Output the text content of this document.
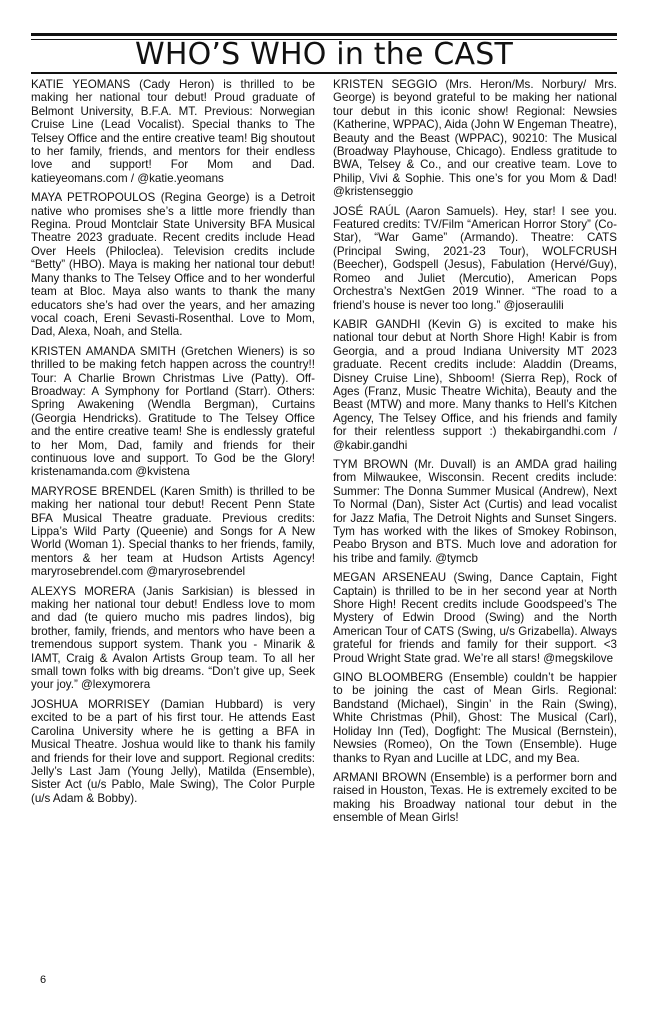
WHO’S WHO in the CAST

KATIE YEOMANS (Cady Heron) is thrilled to be making her national tour debut! Proud graduate of Belmont University, B.F.A. MT. Previous: Norwegian Cruise Line (Lead Vocalist). Special thanks to The Telsey Office and the entire creative team! Big shoutout to her family, friends, and mentors for their endless love and support! For Mom and Dad. katieyeomans.com / @katie.yeomans

MAYA PETROPOULOS (Regina George) is a Detroit native who promises she’s a little more friendly than Regina. Proud Montclair State University BFA Musical Theatre 2023 graduate. Recent credits include Head Over Heels (Philoclea). Television credits include “Betty” (HBO). Maya is making her national tour debut! Many thanks to The Telsey Office and to her wonderful team at Bloc. Maya also wants to thank the many educators she’s had over the years, and her amazing vocal coach, Ereni Sevasti-Rosenthal. Love to Mom, Dad, Alexa, Noah, and Stella.

KRISTEN AMANDA SMITH (Gretchen Wieners) is so thrilled to be making fetch happen across the country!! Tour: A Charlie Brown Christmas Live (Patty). Off-Broadway: A Symphony for Portland (Starr). Others: Spring Awakening (Wendla Bergman), Curtains (Georgia Hendricks). Gratitude to The Telsey Office and the entire creative team! She is endlessly grateful to her Mom, Dad, family and friends for their continuous love and support. To God be the Glory! kristenamanda.com @kvistena

MARYROSE BRENDEL (Karen Smith) is thrilled to be making her national tour debut! Recent Penn State BFA Musical Theatre graduate. Previous credits: Lippa’s Wild Party (Queenie) and Songs for A New World (Woman 1). Special thanks to her friends, family, mentors & her team at Hudson Artists Agency! maryrosebrendel.com @maryrosebrendel

ALEXYS MORERA (Janis Sarkisian) is blessed in making her national tour debut! Endless love to mom and dad (te quiero mucho mis padres lindos), big brother, family, friends, and mentors who have been a tremendous support system. Thank you - Minarik & IAMT, Craig & Avalon Artists Group team. To all her small town folks with big dreams. “Don’t give up, Seek your joy.” @lexymorera

JOSHUA MORRISEY (Damian Hubbard) is very excited to be a part of his first tour. He attends East Carolina University where he is getting a BFA in Musical Theatre. Joshua would like to thank his family and friends for their love and support. Regional credits: Jelly’s Last Jam (Young Jelly), Matilda (Ensemble), Sister Act (u/s Pablo, Male Swing), The Color Purple (u/s Adam & Bobby).

KRISTEN SEGGIO (Mrs. Heron/Ms. Norbury/ Mrs. George) is beyond grateful to be making her national tour debut in this iconic show! Regional: Newsies (Katherine, WPPAC), Aida (John W Engeman Theatre), Beauty and the Beast (WPPAC), 90210: The Musical (Broadway Playhouse, Chicago). Endless gratitude to BWA, Telsey & Co., and our creative team. Love to Philip, Vivi & Sophie. This one’s for you Mom & Dad! @kristenseggio

JOSÉ RAÚL (Aaron Samuels). Hey, star! I see you. Featured credits: TV/Film “American Horror Story” (Co-Star), “War Game” (Armando). Theatre: CATS (Principal Swing, 2021-23 Tour), WOLFCRUSH (Beecher), Godspell (Jesus), Fabulation (Hervé/Guy), Romeo and Juliet (Mercutio), American Pops Orchestra’s NextGen 2019 Winner. “The road to a friend’s house is never too long.” @joseraulili

KABIR GANDHI (Kevin G) is excited to make his national tour debut at North Shore High! Kabir is from Georgia, and a proud Indiana University MT 2023 graduate. Recent credits include: Aladdin (Dreams, Disney Cruise Line), Shboom! (Sierra Rep), Rock of Ages (Franz, Music Theatre Wichita), Beauty and the Beast (MTW) and more. Many thanks to Hell’s Kitchen Agency, The Telsey Office, and his friends and family for their relentless support :) thekabirgandhi.com / @kabir.gandhi

TYM BROWN (Mr. Duvall) is an AMDA grad hailing from Milwaukee, Wisconsin. Recent credits include: Summer: The Donna Summer Musical (Andrew), Next To Normal (Dan), Sister Act (Curtis) and lead vocalist for Jazz Mafia, The Detroit Nights and Sunset Singers. Tym has worked with the likes of Smokey Robinson, Peabo Bryson and BTS. Much love and adoration for his tribe and family. @tymcb

MEGAN ARSENEAU (Swing, Dance Captain, Fight Captain) is thrilled to be in her second year at North Shore High! Recent credits include Goodspeed’s The Mystery of Edwin Drood (Swing) and the North American Tour of CATS (Swing, u/s Grizabella). Always grateful for friends and family for their support. <3 Proud Wright State grad. We’re all stars! @megskilove

GINO BLOOMBERG (Ensemble) couldn’t be happier to be joining the cast of Mean Girls. Regional: Bandstand (Michael), Singin’ in the Rain (Swing), White Christmas (Phil), Ghost: The Musical (Carl), Holiday Inn (Ted), Dogfight: The Musical (Bernstein), Newsies (Romeo), On the Town (Ensemble). Huge thanks to Ryan and Lucille at LDC, and my Bea.

ARMANI BROWN (Ensemble) is a performer born and raised in Houston, Texas. He is extremely excited to be making his Broadway national tour debut in the ensemble of Mean Girls!

6
